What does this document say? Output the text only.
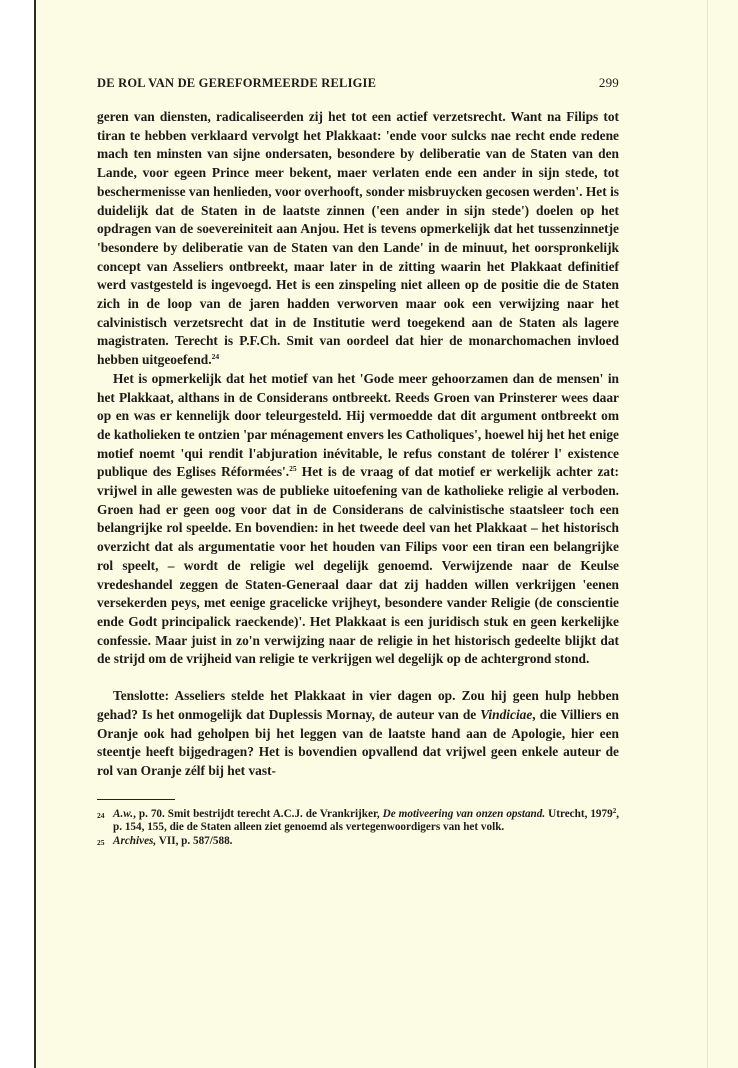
DE ROL VAN DE GEREFORMEERDE RELIGIE	299

geren van diensten, radicaliseerden zij het tot een actief verzetsrecht. Want na Filips tot tiran te hebben verklaard vervolgt het Plakkaat: 'ende voor sulcks nae recht ende redene mach ten minsten van sijne ondersaten, besondere by deliberatie van de Staten van den Lande, voor egeen Prince meer bekent, maer verlaten ende een ander in sijn stede, tot beschermenisse van henlieden, voor overhooft, sonder misbruycken gecosen werden'. Het is duidelijk dat de Staten in de laatste zinnen ('een ander in sijn stede') doelen op het opdragen van de soevereiniteit aan Anjou. Het is tevens opmerkelijk dat het tussenzinnetje 'besondere by deliberatie van de Staten van den Lande' in de minuut, het oorspronkelijk concept van Asseliers ontbreekt, maar later in de zitting waarin het Plakkaat definitief werd vastgesteld is ingevoegd. Het is een zinspeling niet alleen op de positie die de Staten zich in de loop van de jaren hadden verworven maar ook een verwijzing naar het calvinistisch verzetsrecht dat in de Institutie werd toegekend aan de Staten als lagere magistraten. Terecht is P.F.Ch. Smit van oordeel dat hier de monarchomachen invloed hebben uitgeoefend.$^{24}$

Het is opmerkelijk dat het motief van het 'Gode meer gehoorzamen dan de mensen' in het Plakkaat, althans in de Considerans ontbreekt. Reeds Groen van Prinsterer wees daar op en was er kennelijk door teleurgesteld. Hij vermoedde dat dit argument ontbreekt om de katholieken te ontzien 'par ménagement envers les Catholiques', hoewel hij het het enige motief noemt 'qui rendit l'abjuration inévitable, le refus constant de tolérer l' existence publique des Eglises Réformées'.$^{25}$ Het is de vraag of dat motief er werkelijk achter zat: vrijwel in alle gewesten was de publieke uitoefening van de katholieke religie al verboden. Groen had er geen oog voor dat in de Considerans de calvinistische staatsleer toch een belangrijke rol speelde. En bovendien: in het tweede deel van het Plakkaat – het historisch overzicht dat als argumentatie voor het houden van Filips voor een tiran een belangrijke rol speelt, – wordt de religie wel degelijk genoemd. Verwijzende naar de Keulse vredeshandel zeggen de Staten-Generaal daar dat zij hadden willen verkrijgen 'eenen versekerden peys, met eenige gracelicke vrijheyt, besondere vander Religie (de conscientie ende Godt principalick raeckende)'. Het Plakkaat is een juridisch stuk en geen kerkelijke confessie. Maar juist in zo'n verwijzing naar de religie in het historisch gedeelte blijkt dat de strijd om de vrijheid van religie te verkrijgen wel degelijk op de achtergrond stond.

Tenslotte: Asseliers stelde het Plakkaat in vier dagen op. Zou hij geen hulp hebben gehad? Is het onmogelijk dat Duplessis Mornay, de auteur van de Vindiciae, die Villiers en Oranje ook had geholpen bij het leggen van de laatste hand aan de Apologie, hier een steentje heeft bijgedragen? Het is bovendien opvallend dat vrijwel geen enkele auteur de rol van Oranje zélf bij het vast-

24 A.w., p. 70. Smit bestrijdt terecht A.C.J. de Vrankrijker, De motiveering van onzen opstand. Utrecht, 1979$^2$, p. 154, 155, die de Staten alleen ziet genoemd als vertegenwoordigers van het volk.
25 Archives, VII, p. 587/588.
